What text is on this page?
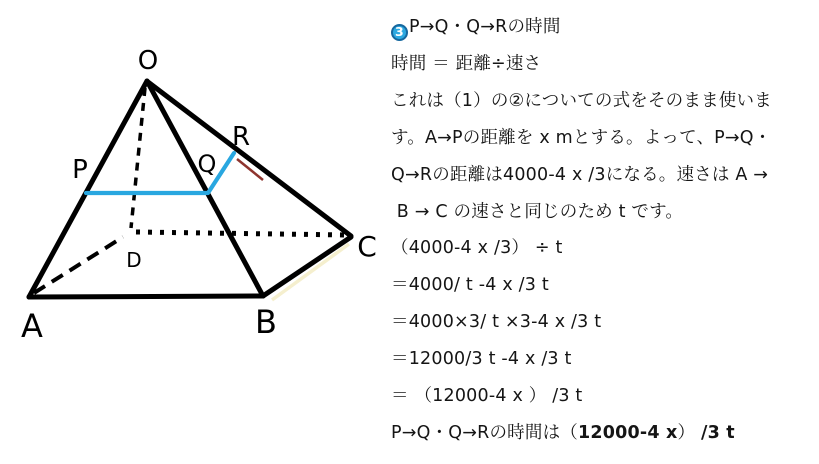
O
A	B
C
D
P	Q
R
3 P→Q・Q→Rの時間
時間 ＝ 距離÷速さ
これは（1）の②についての式をそのまま使いま
す。A→Pの距離を x mとする。よって、P→Q・
Q→Rの距離は4000-4 x /3になる。速さは A →
B → C の速さと同じのため t です。
（4000-4 x /3） ÷ t
＝4000/ t -4 x /3 t
＝4000×3/ t ×3-4 x /3 t
＝12000/3 t -4 x /3 t
＝ （12000-4 x ） /3 t
P→Q・Q→Rの時間は（12000-4 x） /3 t
